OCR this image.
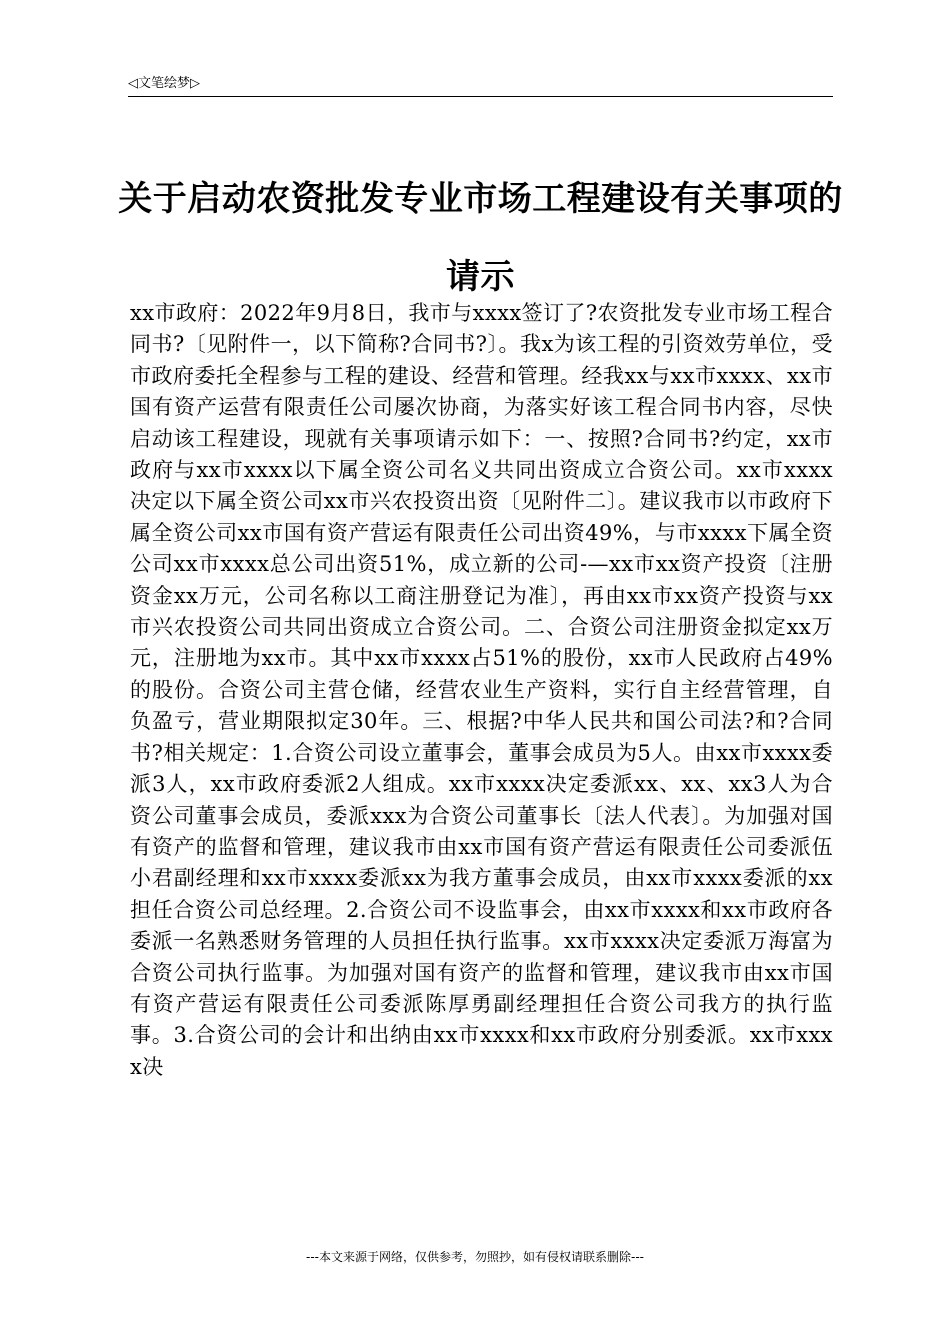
◁文笔绘梦▷
关于启动农资批发专业市场工程建设有关事项的请示

xx市政府：2022年9月8日，我市与xxxx签订了?农资批发专业市场工程合同书?〔见附件一，以下简称?合同书?〕。我x为该工程的引资效劳单位，受市政府委托全程参与工程的建设、经营和管理。经我xx与xx市xxxx、xx市国有资产运营有限责任公司屡次协商，为落实好该工程合同书内容，尽快启动该工程建设，现就有关事项请示如下：一、按照?合同书?约定，xx市政府与xx市xxxx以下属全资公司名义共同出资成立合资公司。xx市xxxx决定以下属全资公司xx市兴农投资出资〔见附件二〕。建议我市以市政府下属全资公司xx市国有资产营运有限责任公司出资49%，与市xxxx下属全资公司xx市xxxx总公司出资51%，成立新的公司-—xx市xx资产投资〔注册资金xx万元，公司名称以工商注册登记为准〕，再由xx市xx资产投资与xx市兴农投资公司共同出资成立合资公司。二、合资公司注册资金拟定xx万元，注册地为xx市。其中xx市xxxx占51%的股份，xx市人民政府占49%的股份。合资公司主营仓储，经营农业生产资料，实行自主经营管理，自负盈亏，营业期限拟定30年。三、根据?中华人民共和国公司法?和?合同书?相关规定：1.合资公司设立董事会，董事会成员为5人。由xx市xxxx委派3人，xx市政府委派2人组成。xx市xxxx决定委派xx、xx、xx3人为合资公司董事会成员，委派xxx为合资公司董事长〔法人代表〕。为加强对国有资产的监督和管理，建议我市由xx市国有资产营运有限责任公司委派伍小君副经理和xx市xxxx委派xx为我方董事会成员，由xx市xxxx委派的xx担任合资公司总经理。2.合资公司不设监事会，由xx市xxxx和xx市政府各委派一名熟悉财务管理的人员担任执行监事。xx市xxxx决定委派万海富为合资公司执行监事。为加强对国有资产的监督和管理，建议我市由xx市国有资产营运有限责任公司委派陈厚勇副经理担任合资公司我方的执行监事。3.合资公司的会计和出纳由xx市xxxx和xx市政府分别委派。xx市xxxx决

---本文来源于网络，仅供参考，勿照抄，如有侵权请联系删除---
